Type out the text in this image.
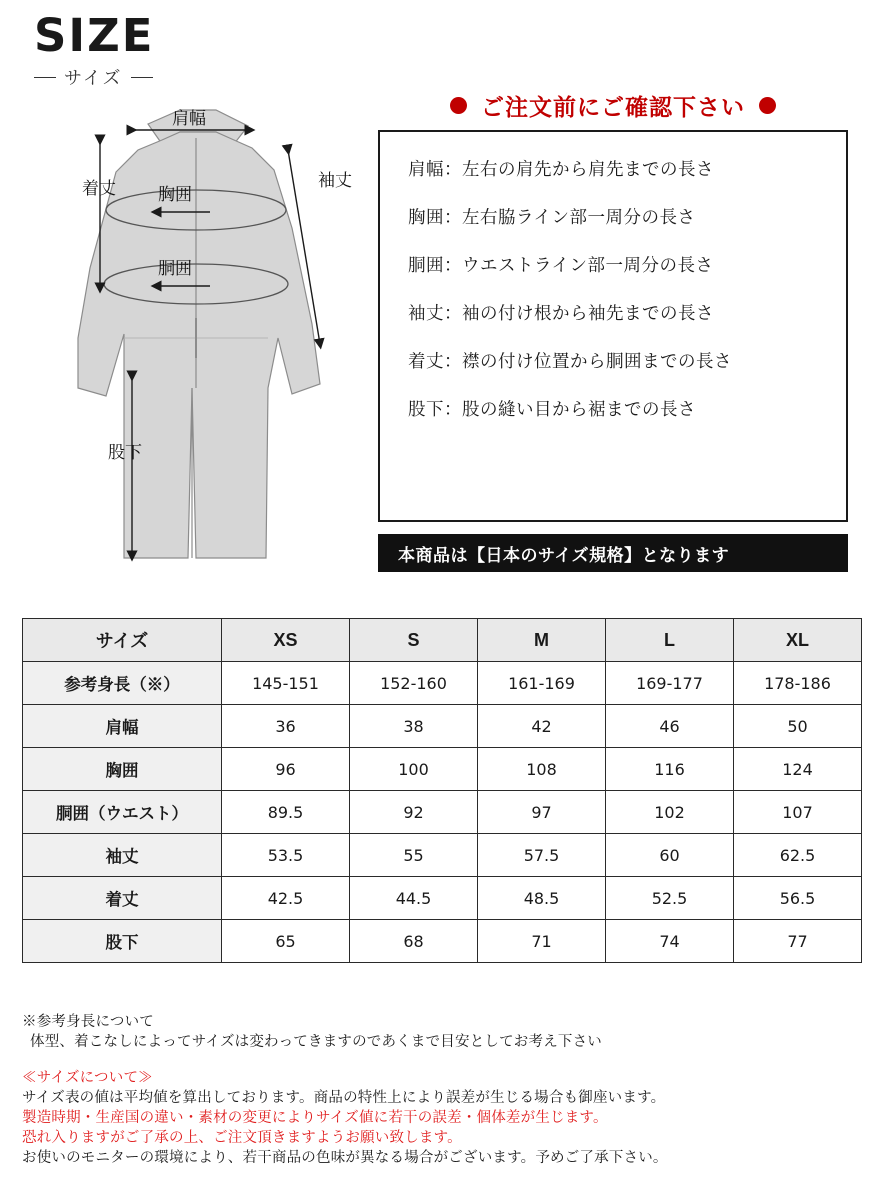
SIZE
サイズ
肩幅
着丈 胸囲
胴囲
袖丈
股下
ご注文前にご確認下さい
肩幅：左右の肩先から肩先までの長さ
胸囲：左右脇ライン部一周分の長さ
胴囲：ウエストライン部一周分の長さ
袖丈：袖の付け根から袖先までの長さ
着丈：襟の付け位置から胴囲までの長さ
股下：股の縫い目から裾までの長さ
本商品は【日本のサイズ規格】となります
サイズ	XS	S	M	L	XL
参考身長（※）	145-151	152-160	161-169	169-177	178-186
肩幅	36	38	42	46	50
胸囲	96	100	108	116	124
胴囲（ウエスト）	89.5	92	97	102	107
袖丈	53.5	55	57.5	60	62.5
着丈	42.5	44.5	48.5	52.5	56.5
股下	65	68	71	74	77
※参考身長について
体型、着こなしによってサイズは変わってきますのであくまで目安としてお考え下さい
≪サイズについて≫
サイズ表の値は平均値を算出しております。商品の特性上により誤差が生じる場合も御座います。
製造時期・生産国の違い・素材の変更によりサイズ値に若干の誤差・個体差が生じます。
恐れ入りますがご了承の上、ご注文頂きますようお願い致します。
お使いのモニターの環境により、若干商品の色味が異なる場合がございます。予めご了承下さい。
